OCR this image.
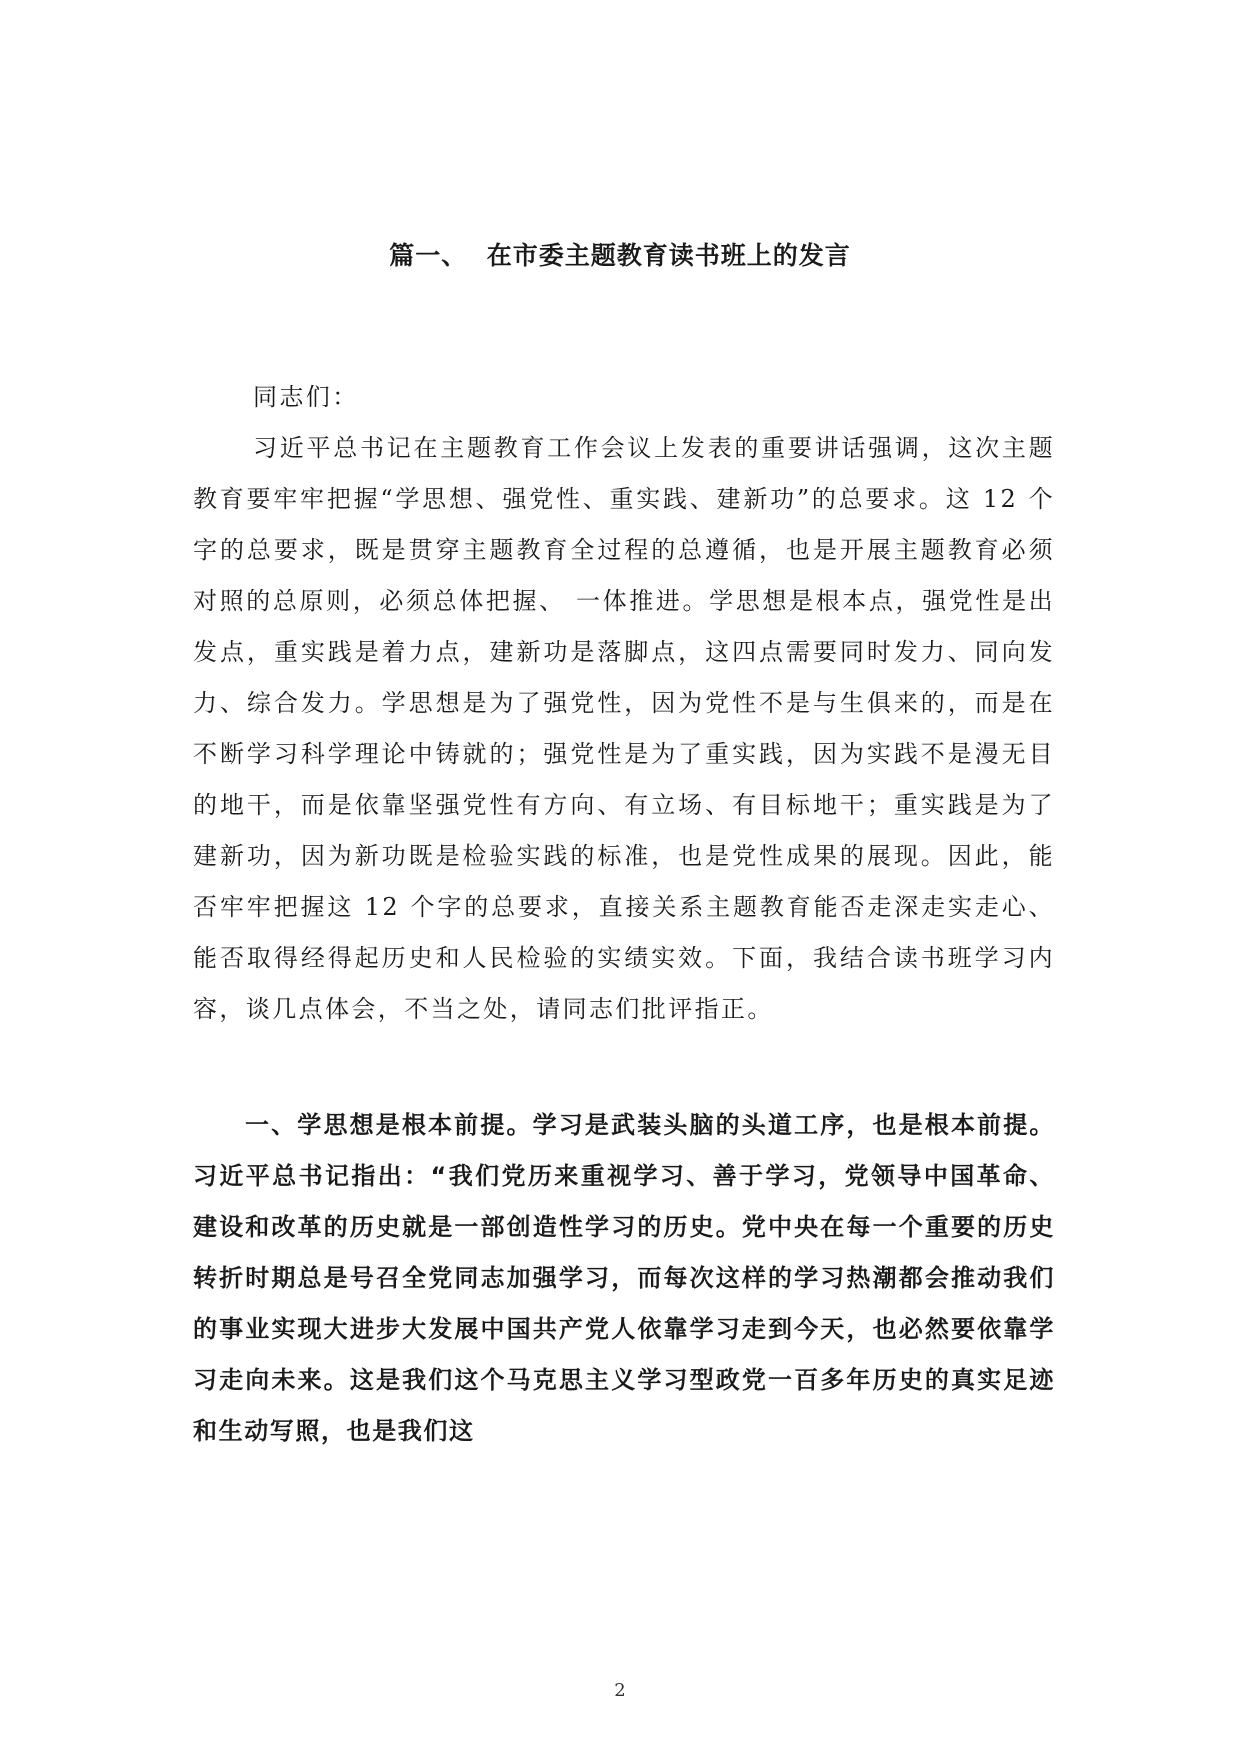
篇一、  在市委主题教育读书班上的发言
同志们：
习近平总书记在主题教育工作会议上发表的重要讲话强调，这次主题教育要牢牢把握“学思想、强党性、重实践、建新功”的总要求。这 12 个字的总要求，既是贯穿主题教育全过程的总遵循，也是开展主题教育必须对照的总原则，必须总体把握、 一体推进。学思想是根本点，强党性是出发点，重实践是着力点，建新功是落脚点，这四点需要同时发力、同向发力、综合发力。学思想是为了强党性，因为党性不是与生俱来的，而是在不断学习科学理论中铸就的；强党性是为了重实践，因为实践不是漫无目的地干，而是依靠坚强党性有方向、有立场、有目标地干；重实践是为了建新功，因为新功既是检验实践的标准，也是党性成果的展现。因此，能否牢牢把握这 12 个字的总要求，直接关系主题教育能否走深走实走心、能否取得经得起历史和人民检验的实绩实效。下面，我结合读书班学习内容，谈几点体会，不当之处，请同志们批评指正。
一、学思想是根本前提。学习是武装头脑的头道工序，也是根本前提。习近平总书记指出：“我们党历来重视学习、善于学习，党领导中国革命、建设和改革的历史就是一部创造性学习的历史。党中央在每一个重要的历史转折时期总是号召全党同志加强学习，而每次这样的学习热潮都会推动我们的事业实现大进步大发展中国共产党人依靠学习走到今天，也必然要依靠学习走向未来。这是我们这个马克思主义学习型政党一百多年历史的真实足迹和生动写照，也是我们这
2
